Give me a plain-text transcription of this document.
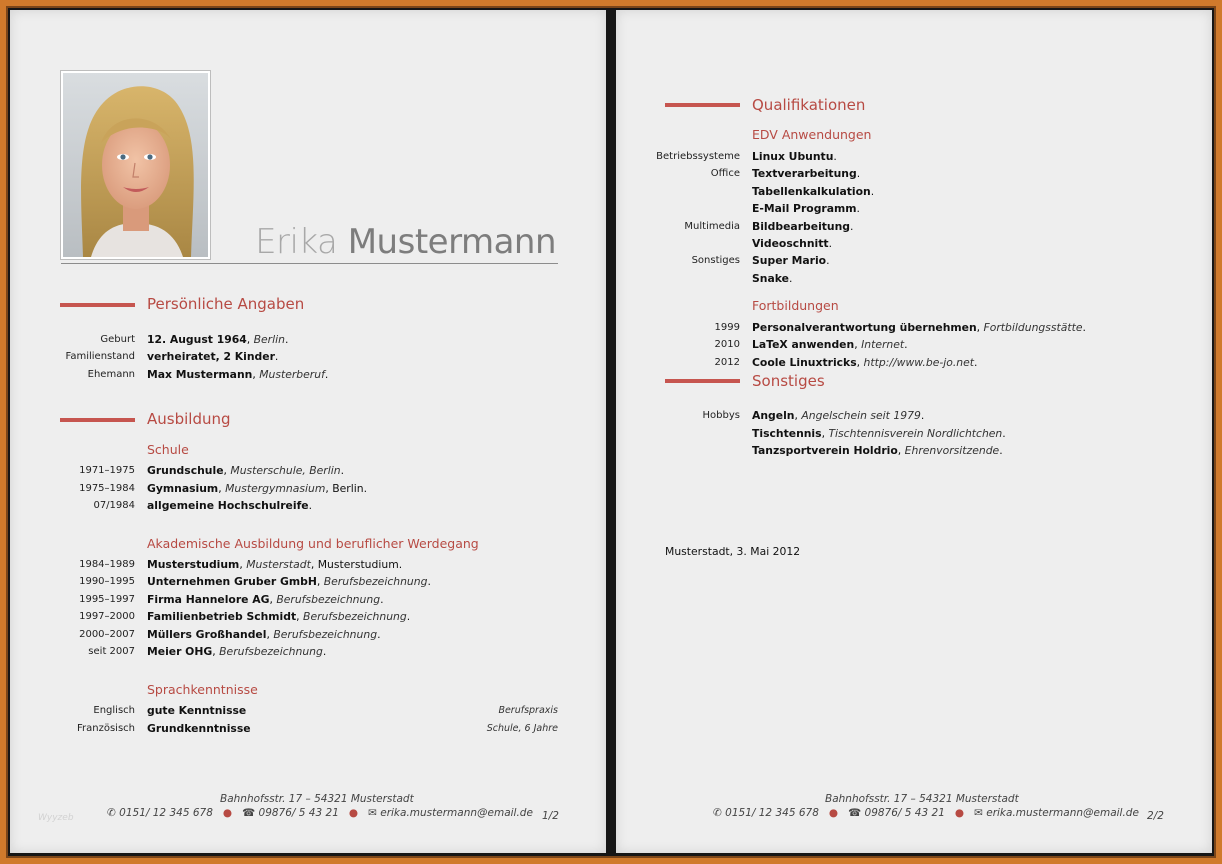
Erika Mustermann
Persönliche Angaben
Geburt 12. August 1964, Berlin.
Familienstand verheiratet, 2 Kinder.
Ehemann Max Mustermann, Musterberuf.
Ausbildung
Schule
1971–1975 Grundschule, Musterschule, Berlin.
1975–1984 Gymnasium, Mustergymnasium, Berlin.
07/1984 allgemeine Hochschulreife.
Akademische Ausbildung und beruflicher Werdegang
1984–1989 Musterstudium, Musterstadt, Musterstudium.
1990–1995 Unternehmen Gruber GmbH, Berufsbezeichnung.
1995–1997 Firma Hannelore AG, Berufsbezeichnung.
1997–2000 Familienbetrieb Schmidt, Berufsbezeichnung.
2000–2007 Müllers Großhandel, Berufsbezeichnung.
seit 2007 Meier OHG, Berufsbezeichnung.
Sprachkenntnisse
Englisch gute Kenntnisse	Berufspraxis
Französisch Grundkenntnisse	Schule, 6 Jahre
Bahnhofsstr. 17 – 54321 Musterstadt
✆ 0151/ 12 345 678 ● ☎ 09876/ 5 43 21 ● ✉ erika.mustermann@email.de 1/2
Wyyzeb
Qualifikationen
EDV Anwendungen
Betriebssysteme Linux Ubuntu.
Office Textverarbeitung.
Tabellenkalkulation.
E-Mail Programm.
Multimedia Bildbearbeitung.
Videoschnitt.
Sonstiges Super Mario.
Snake.
Fortbildungen
1999 Personalverantwortung übernehmen, Fortbildungsstätte.
2010 LaTeX anwenden, Internet.
2012 Coole Linuxtricks, http://www.be-jo.net.
Sonstiges
Hobbys Angeln, Angelschein seit 1979.
Tischtennis, Tischtennisverein Nordlichtchen.
Tanzsportverein Holdrio, Ehrenvorsitzende.
Musterstadt, 3. Mai 2012
Bahnhofsstr. 17 – 54321 Musterstadt
✆ 0151/ 12 345 678 ● ☎ 09876/ 5 43 21 ● ✉ erika.mustermann@email.de 2/2
